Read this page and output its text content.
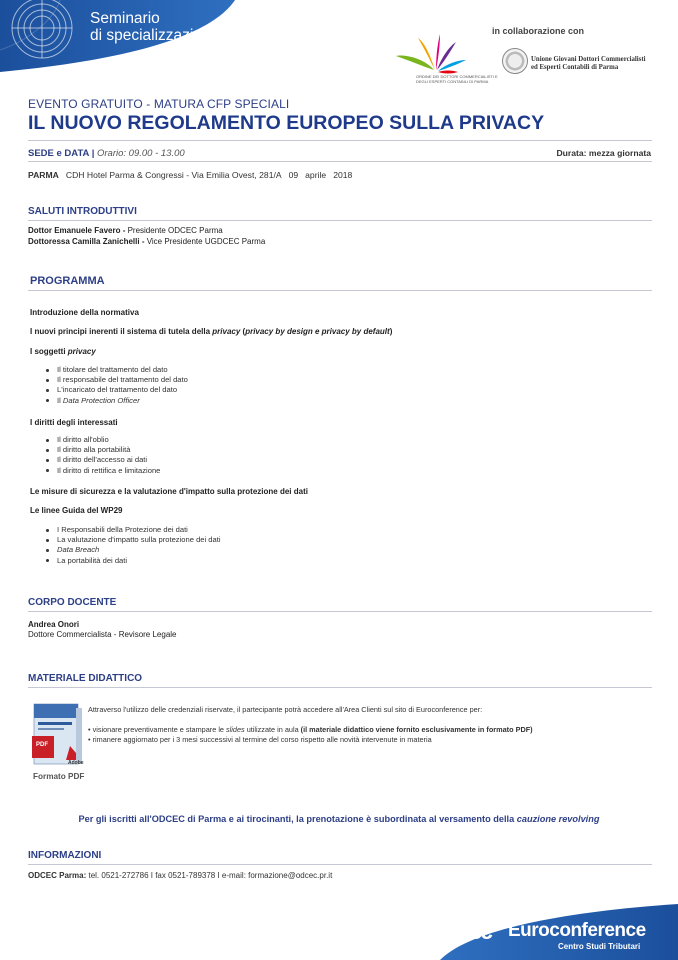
Seminario
di specializzazione	in collaborazione con
ORDINE DEI DOTTORI COMMERCIALISTI E DEGLI ESPERTI CONTABILI DI PARMA
Unione Giovani Dottori Commercialisti
ed Esperti Contabili di Parma
EVENTO GRATUITO - MATURA CFP SPECIALI
IL NUOVO REGOLAMENTO EUROPEO SULLA PRIVACY
SEDE e DATA | Orario: 09.00 - 13.00	Durata: mezza giornata
PARMA CDH Hotel Parma & Congressi - Via Emilia Ovest, 281/A 09 aprile 2018
SALUTI INTRODUTTIVI
Dottor Emanuele Favero - Presidente ODCEC Parma
Dottoressa Camilla Zanichelli - Vice Presidente UGDCEC Parma
PROGRAMMA
Introduzione della normativa
I nuovi principi inerenti il sistema di tutela della privacy (privacy by design e privacy by default)
I soggetti privacy
Il titolare del trattamento del dato
Il responsabile del trattamento del dato
L'incaricato del trattamento del dato
Il Data Protection Officer
I diritti degli interessati
Il diritto all'oblio
Il diritto alla portabilità
Il diritto dell'accesso ai dati
Il diritto di rettifica e limitazione
Le misure di sicurezza e la valutazione d'impatto sulla protezione dei dati
Le linee Guida del WP29
I Responsabili della Protezione dei dati
La valutazione d'impatto sulla protezione dei dati
Data Breach
La portabilità dei dati
CORPO DOCENTE
Andrea Onori
Dottore Commercialista - Revisore Legale
MATERIALE DIDATTICO
PDF
Adobe
Formato PDF
Attraverso l'utilizzo delle credenziali riservate, il partecipante potrà accedere all'Area Clienti sul sito di Euroconference per:
• visionare preventivamente e stampare le slides utilizzate in aula (il materiale didattico viene fornito esclusivamente in formato PDF)
• rimanere aggiornato per i 3 mesi successivi al termine del corso rispetto alle novità intervenute in materia
Per gli iscritti all'ODCEC di Parma e ai tirocinanti, la prenotazione è subordinata al versamento della cauzione revolving
INFORMAZIONI
ODCEC Parma: tel. 0521-272786 I fax 0521-789378 I e-mail: formazione@odcec.pr.it
ec Euroconference
Centro Studi Tributari
